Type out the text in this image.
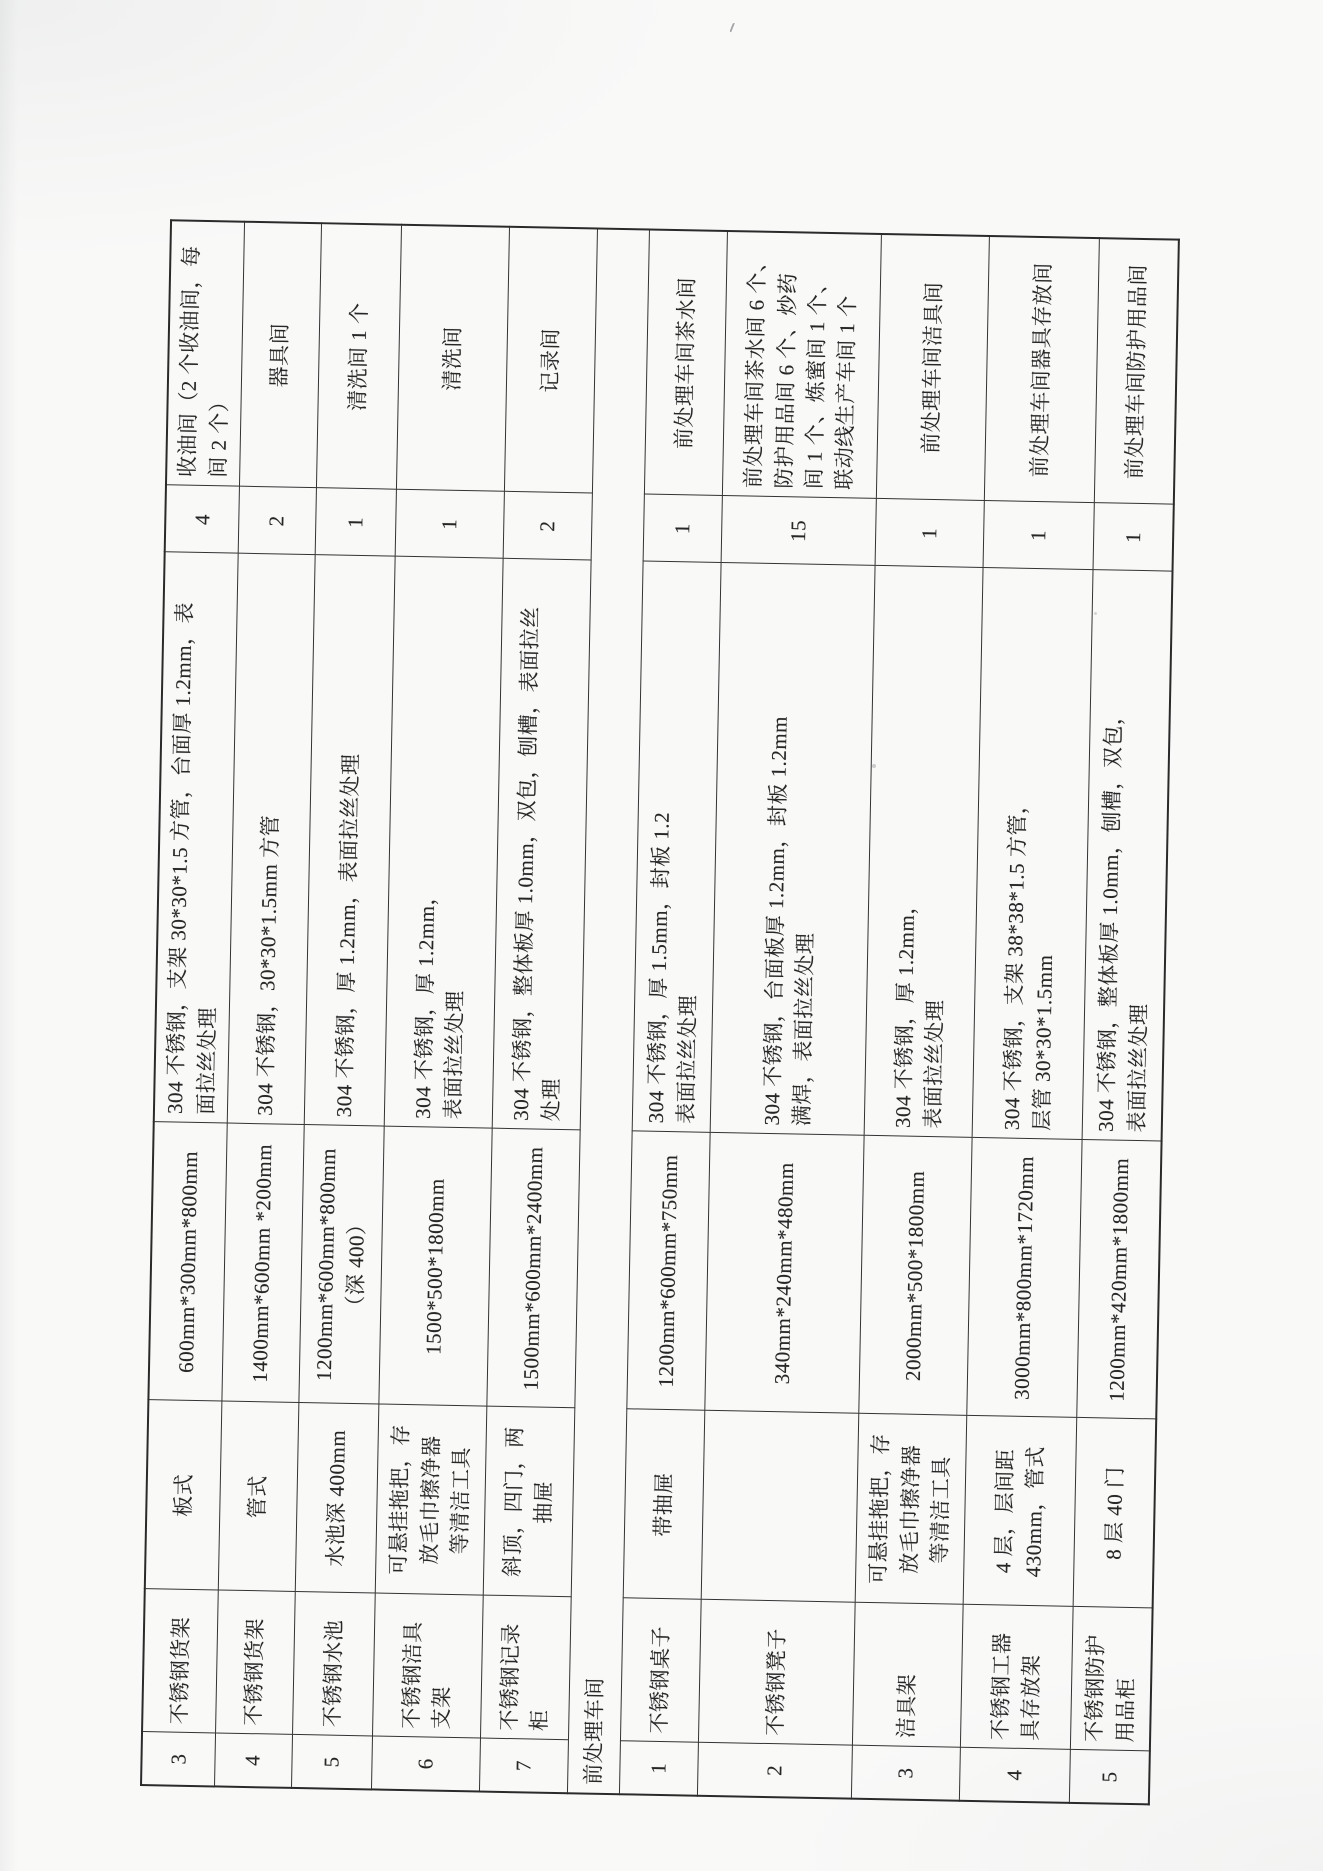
3	不锈钢货架	板式	600mm*300mm*800mm	304 不锈钢，支架 30*30*1.5 方管，台面厚 1.2mm，表
面拉丝处理	4	收油间（2 个收油间，每
间 2 个）
4	不锈钢货架	管式	1400mm*600mm *200mm	304 不锈钢，30*30*1.5mm 方管	2	器具间
5	不锈钢水池	水池深 400mm	1200mm*600mm*800mm
（深 400）	304 不锈钢，厚 1.2mm，表面拉丝处理	1	清洗间 1 个
6	不锈钢洁具支架	可悬挂拖把，存
放毛巾擦净器
等清洁工具	1500*500*1800mm	304 不锈钢，厚 1.2mm，
表面拉丝处理	1	清洗间
7	不锈钢记录柜	斜顶，四门，两
抽屉	1500mm*600mm*2400mm	304 不锈钢，整体板厚 1.0mm，双包，刨槽，表面拉丝
处理	2	记录间
前处理车间						
1	不锈钢桌子	带抽屉	1200mm*600mm*750mm	304 不锈钢，厚 1.5mm，封板 1.2
表面拉丝处理	1	前处理车间茶水间
2	不锈钢凳子		340mm*240mm*480mm	304 不锈钢，台面板厚 1.2mm，封板 1.2mm
满焊，表面拉丝处理	15	前处理车间茶水间 6 个、
防护用品间 6 个、炒药
间 1 个、炼蜜间 1 个、
联动线生产车间 1 个
3	洁具架	可悬挂拖把，存
放毛巾擦净器
等清洁工具	2000mm*500*1800mm	304 不锈钢，厚 1.2mm，
表面拉丝处理	1	前处理车间洁具间
4	不锈钢工器具存放架	4 层，层间距
430mm，管式	3000mm*800mm*1720mm	304 不锈钢，支架 38*38*1.5 方管，
层管 30*30*1.5mm	1	前处理车间器具存放间
5	不锈钢防护用品柜	8 层 40 门	1200mm*420mm*1800mm	304 不锈钢，整体板厚 1.0mm，刨槽，双包，
表面拉丝处理	1	前处理车间防护用品间
